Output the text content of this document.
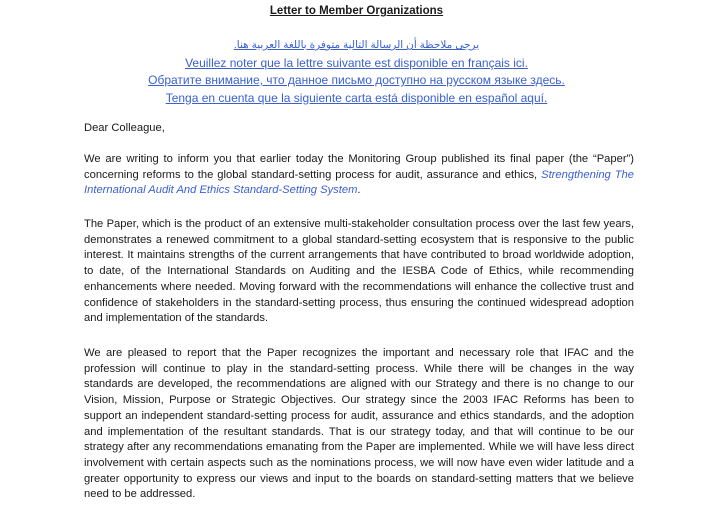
Letter to Member Organizations
يرجى ملاحظة أن الرسالة التالية متوفرة باللغة العربية هنا.
Veuillez noter que la lettre suivante est disponible en français ici.
Обратите внимание, что данное письмо доступно на русском языке здесь.
Tenga en cuenta que la siguiente carta está disponible en español aquí.
Dear Colleague,
We are writing to inform you that earlier today the Monitoring Group published its final paper (the “Paper”) concerning reforms to the global standard-setting process for audit, assurance and ethics, Strengthening The International Audit And Ethics Standard-Setting System.
The Paper, which is the product of an extensive multi-stakeholder consultation process over the last few years, demonstrates a renewed commitment to a global standard-setting ecosystem that is responsive to the public interest. It maintains strengths of the current arrangements that have contributed to broad worldwide adoption, to date, of the International Standards on Auditing and the IESBA Code of Ethics, while recommending enhancements where needed. Moving forward with the recommendations will enhance the collective trust and confidence of stakeholders in the standard-setting process, thus ensuring the continued widespread adoption and implementation of the standards.
We are pleased to report that the Paper recognizes the important and necessary role that IFAC and the profession will continue to play in the standard-setting process. While there will be changes in the way standards are developed, the recommendations are aligned with our Strategy and there is no change to our Vision, Mission, Purpose or Strategic Objectives. Our strategy since the 2003 IFAC Reforms has been to support an independent standard-setting process for audit, assurance and ethics standards, and the adoption and implementation of the resultant standards. That is our strategy today, and that will continue to be our strategy after any recommendations emanating from the Paper are implemented. While we will have less direct involvement with certain aspects such as the nominations process, we will now have even wider latitude and a greater opportunity to express our views and input to the boards on standard-setting matters that we believe need to be addressed.
